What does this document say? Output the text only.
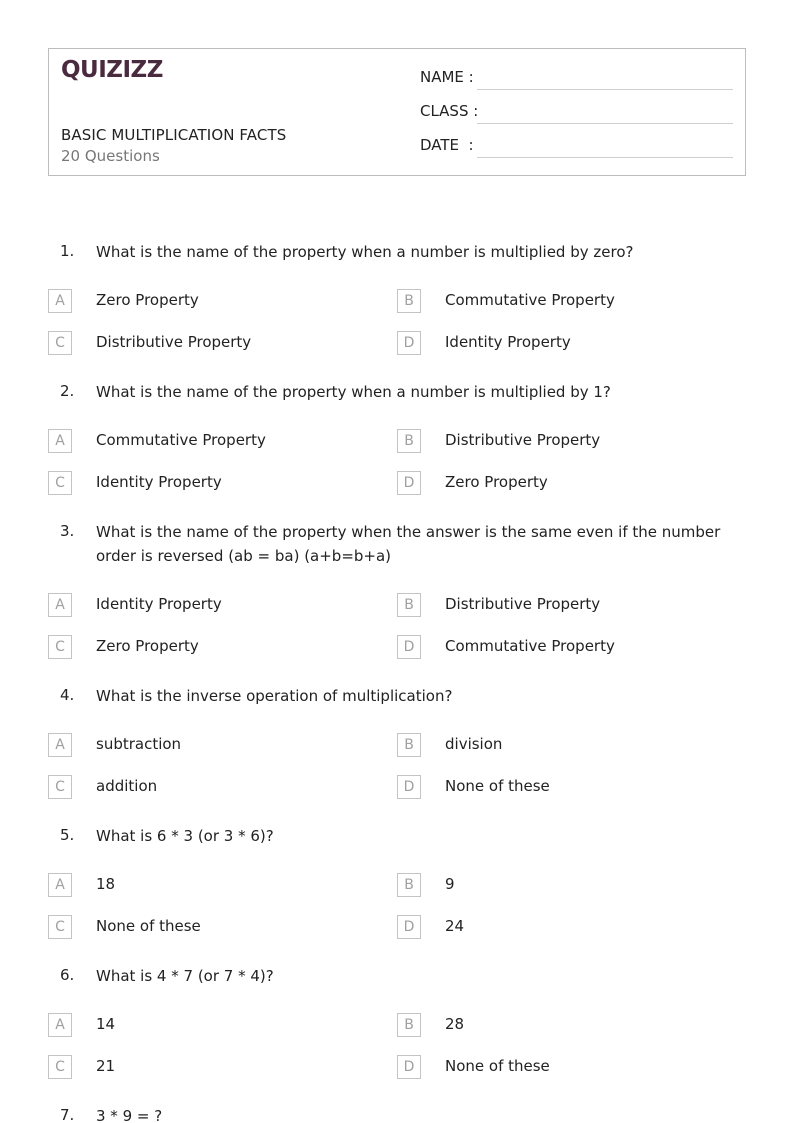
QUIZIZZ
BASIC MULTIPLICATION FACTS
20 Questions
NAME :
CLASS :
DATE  :
1. What is the name of the property when a number is multiplied by zero?
A	Zero Property	B	Commutative Property
C	Distributive Property	D	Identity Property
2. What is the name of the property when a number is multiplied by 1?
A	Commutative Property	B	Distributive Property
C	Identity Property	D	Zero Property
3. What is the name of the property when the answer is the same even if the number order is reversed (ab = ba) (a+b=b+a)
A	Identity Property	B	Distributive Property
C	Zero Property	D	Commutative Property
4. What is the inverse operation of multiplication?
A	subtraction	B	division
C	addition	D	None of these
5. What is 6 * 3 (or 3 * 6)?
A	18	B	9
C	None of these	D	24
6. What is 4 * 7 (or 7 * 4)?
A	14	B	28
C	21	D	None of these
7. 3 * 9 = ?
